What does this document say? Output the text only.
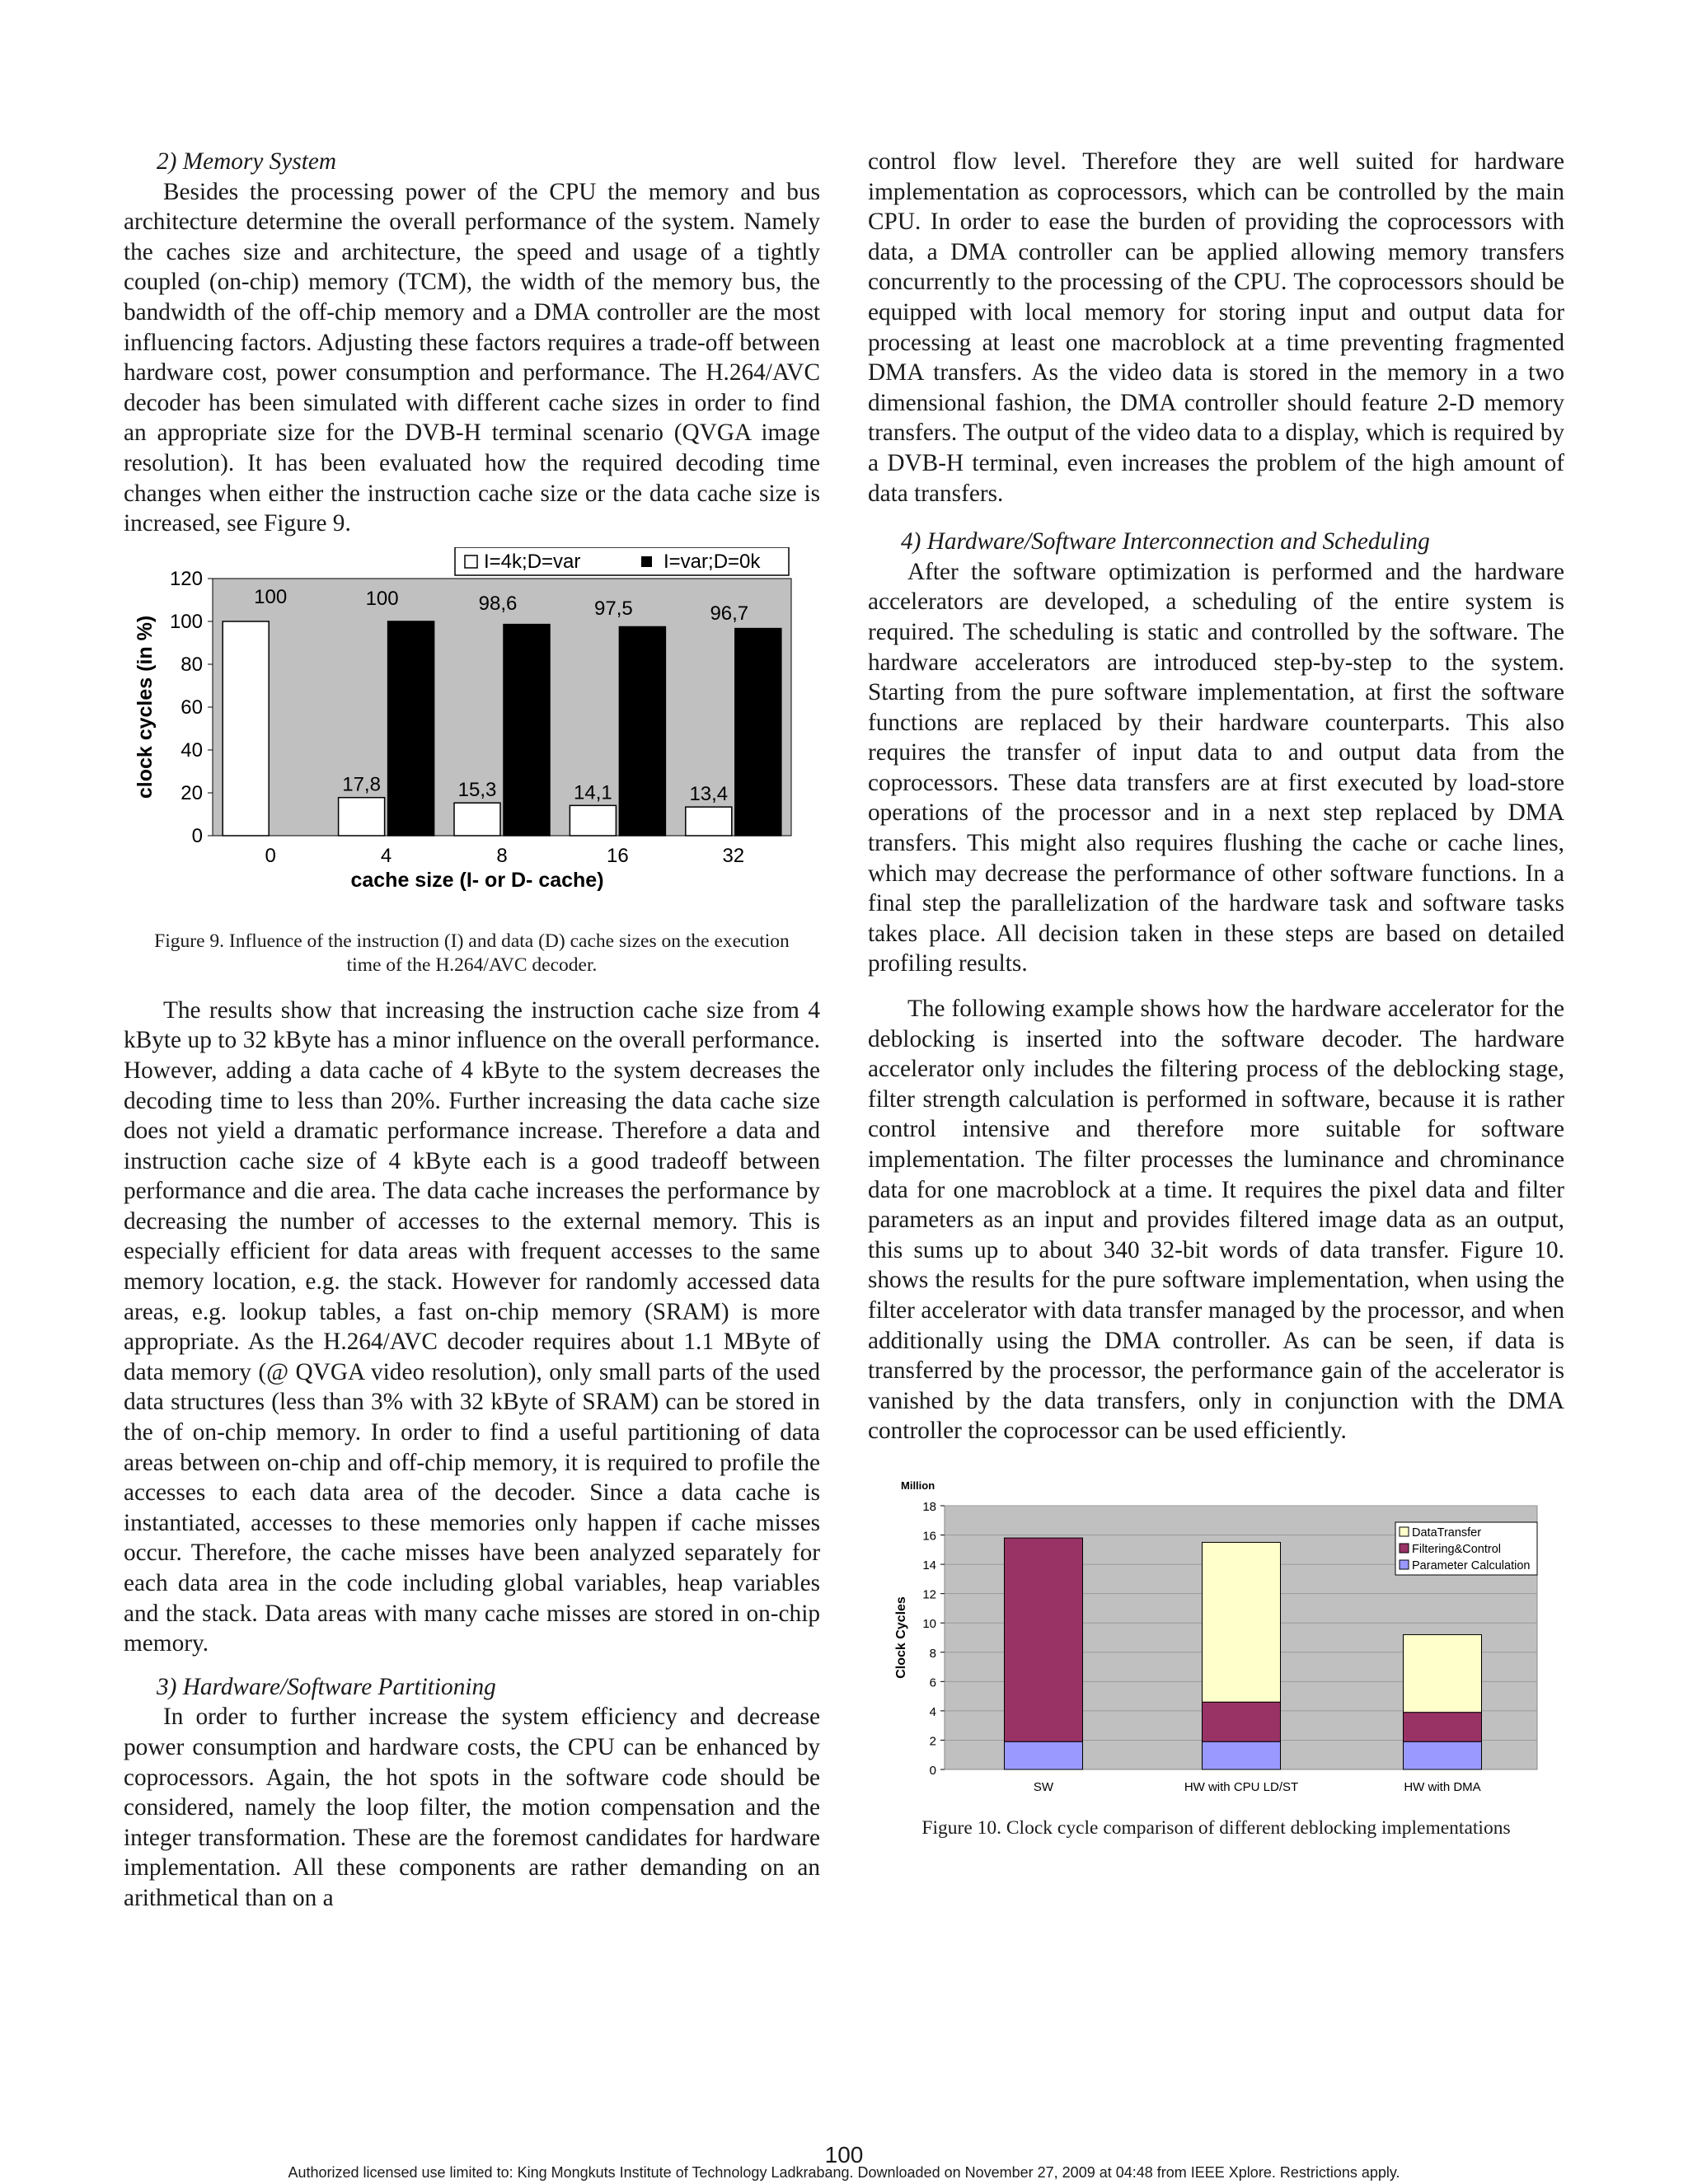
2) Memory System

Besides the processing power of the CPU the memory and bus architecture determine the overall performance of the system. Namely the caches size and architecture, the speed and usage of a tightly coupled (on-chip) memory (TCM), the width of the memory bus, the bandwidth of the off-chip memory and a DMA controller are the most influencing factors. Adjusting these factors requires a trade-off between hardware cost, power consumption and performance. The H.264/AVC decoder has been simulated with different cache sizes in order to find an appropriate size for the DVB-H terminal scenario (QVGA image resolution). It has been evaluated how the required decoding time changes when either the instruction cache size or the data cache size is increased, see Figure 9.

0
20
40
60
80
100
120
clock cycles (in %)
0	4	8	16	32
100
17,8	15,3	14,1	13,4
100	98,6	97,5	96,7
cache size (I- or D- cache)
I=4k;D=var	I=var;D=0k

Figure 9. Influence of the instruction (I) and data (D) cache sizes on the execution time of the H.264/AVC decoder.

The results show that increasing the instruction cache size from 4 kByte up to 32 kByte has a minor influence on the overall performance. However, adding a data cache of 4 kByte to the system decreases the decoding time to less than 20%. Further increasing the data cache size does not yield a dramatic performance increase. Therefore a data and instruction cache size of 4 kByte each is a good tradeoff between performance and die area. The data cache increases the performance by decreasing the number of accesses to the external memory. This is especially efficient for data areas with frequent accesses to the same memory location, e.g. the stack. However for randomly accessed data areas, e.g. lookup tables, a fast on-chip memory (SRAM) is more appropriate. As the H.264/AVC decoder requires about 1.1 MByte of data memory (@ QVGA video resolution), only small parts of the used data structures (less than 3% with 32 kByte of SRAM) can be stored in the of on-chip memory. In order to find a useful partitioning of data areas between on-chip and off-chip memory, it is required to profile the accesses to each data area of the decoder. Since a data cache is instantiated, accesses to these memories only happen if cache misses occur. Therefore, the cache misses have been analyzed separately for each data area in the code including global variables, heap variables and the stack. Data areas with many cache misses are stored in on-chip memory.

3) Hardware/Software Partitioning

In order to further increase the system efficiency and decrease power consumption and hardware costs, the CPU can be enhanced by coprocessors. Again, the hot spots in the software code should be considered, namely the loop filter, the motion compensation and the integer transformation. These are the foremost candidates for hardware implementation. All these components are rather demanding on an arithmetical than on a

control flow level. Therefore they are well suited for hardware implementation as coprocessors, which can be controlled by the main CPU. In order to ease the burden of providing the coprocessors with data, a DMA controller can be applied allowing memory transfers concurrently to the processing of the CPU. The coprocessors should be equipped with local memory for storing input and output data for processing at least one macroblock at a time preventing fragmented DMA transfers. As the video data is stored in the memory in a two dimensional fashion, the DMA controller should feature 2-D memory transfers. The output of the video data to a display, which is required by a DVB-H terminal, even increases the problem of the high amount of data transfers.

4) Hardware/Software Interconnection and Scheduling

After the software optimization is performed and the hardware accelerators are developed, a scheduling of the entire system is required. The scheduling is static and controlled by the software. The hardware accelerators are introduced step-by-step to the system. Starting from the pure software implementation, at first the software functions are replaced by their hardware counterparts. This also requires the transfer of input data to and output data from the coprocessors. These data transfers are at first executed by load-store operations of the processor and in a next step replaced by DMA transfers. This might also requires flushing the cache or cache lines, which may decrease the performance of other software functions. In a final step the parallelization of the hardware task and software tasks takes place. All decision taken in these steps are based on detailed profiling results.

The following example shows how the hardware accelerator for the deblocking is inserted into the software decoder. The hardware accelerator only includes the filtering process of the deblocking stage, filter strength calculation is performed in software, because it is rather control intensive and therefore more suitable for software implementation. The filter processes the luminance and chrominance data for one macroblock at a time. It requires the pixel data and filter parameters as an input and provides filtered image data as an output, this sums up to about 340 32-bit words of data transfer. Figure 10. shows the results for the pure software implementation, when using the filter accelerator with data transfer managed by the processor, and when additionally using the DMA controller. As can be seen, if data is transferred by the processor, the performance gain of the accelerator is vanished by the data transfers, only in conjunction with the DMA controller the coprocessor can be used efficiently.

Million
0
2
4
6
8
10
12
14
16
18
Clock Cycles
SW	HW with CPU LD/ST	HW with DMA
DataTransfer
Filtering&Control
Parameter Calculation

Figure 10. Clock cycle comparison of different deblocking implementations

100
Authorized licensed use limited to: King Mongkuts Institute of Technology Ladkrabang. Downloaded on November 27, 2009 at 04:48 from IEEE Xplore. Restrictions apply.
